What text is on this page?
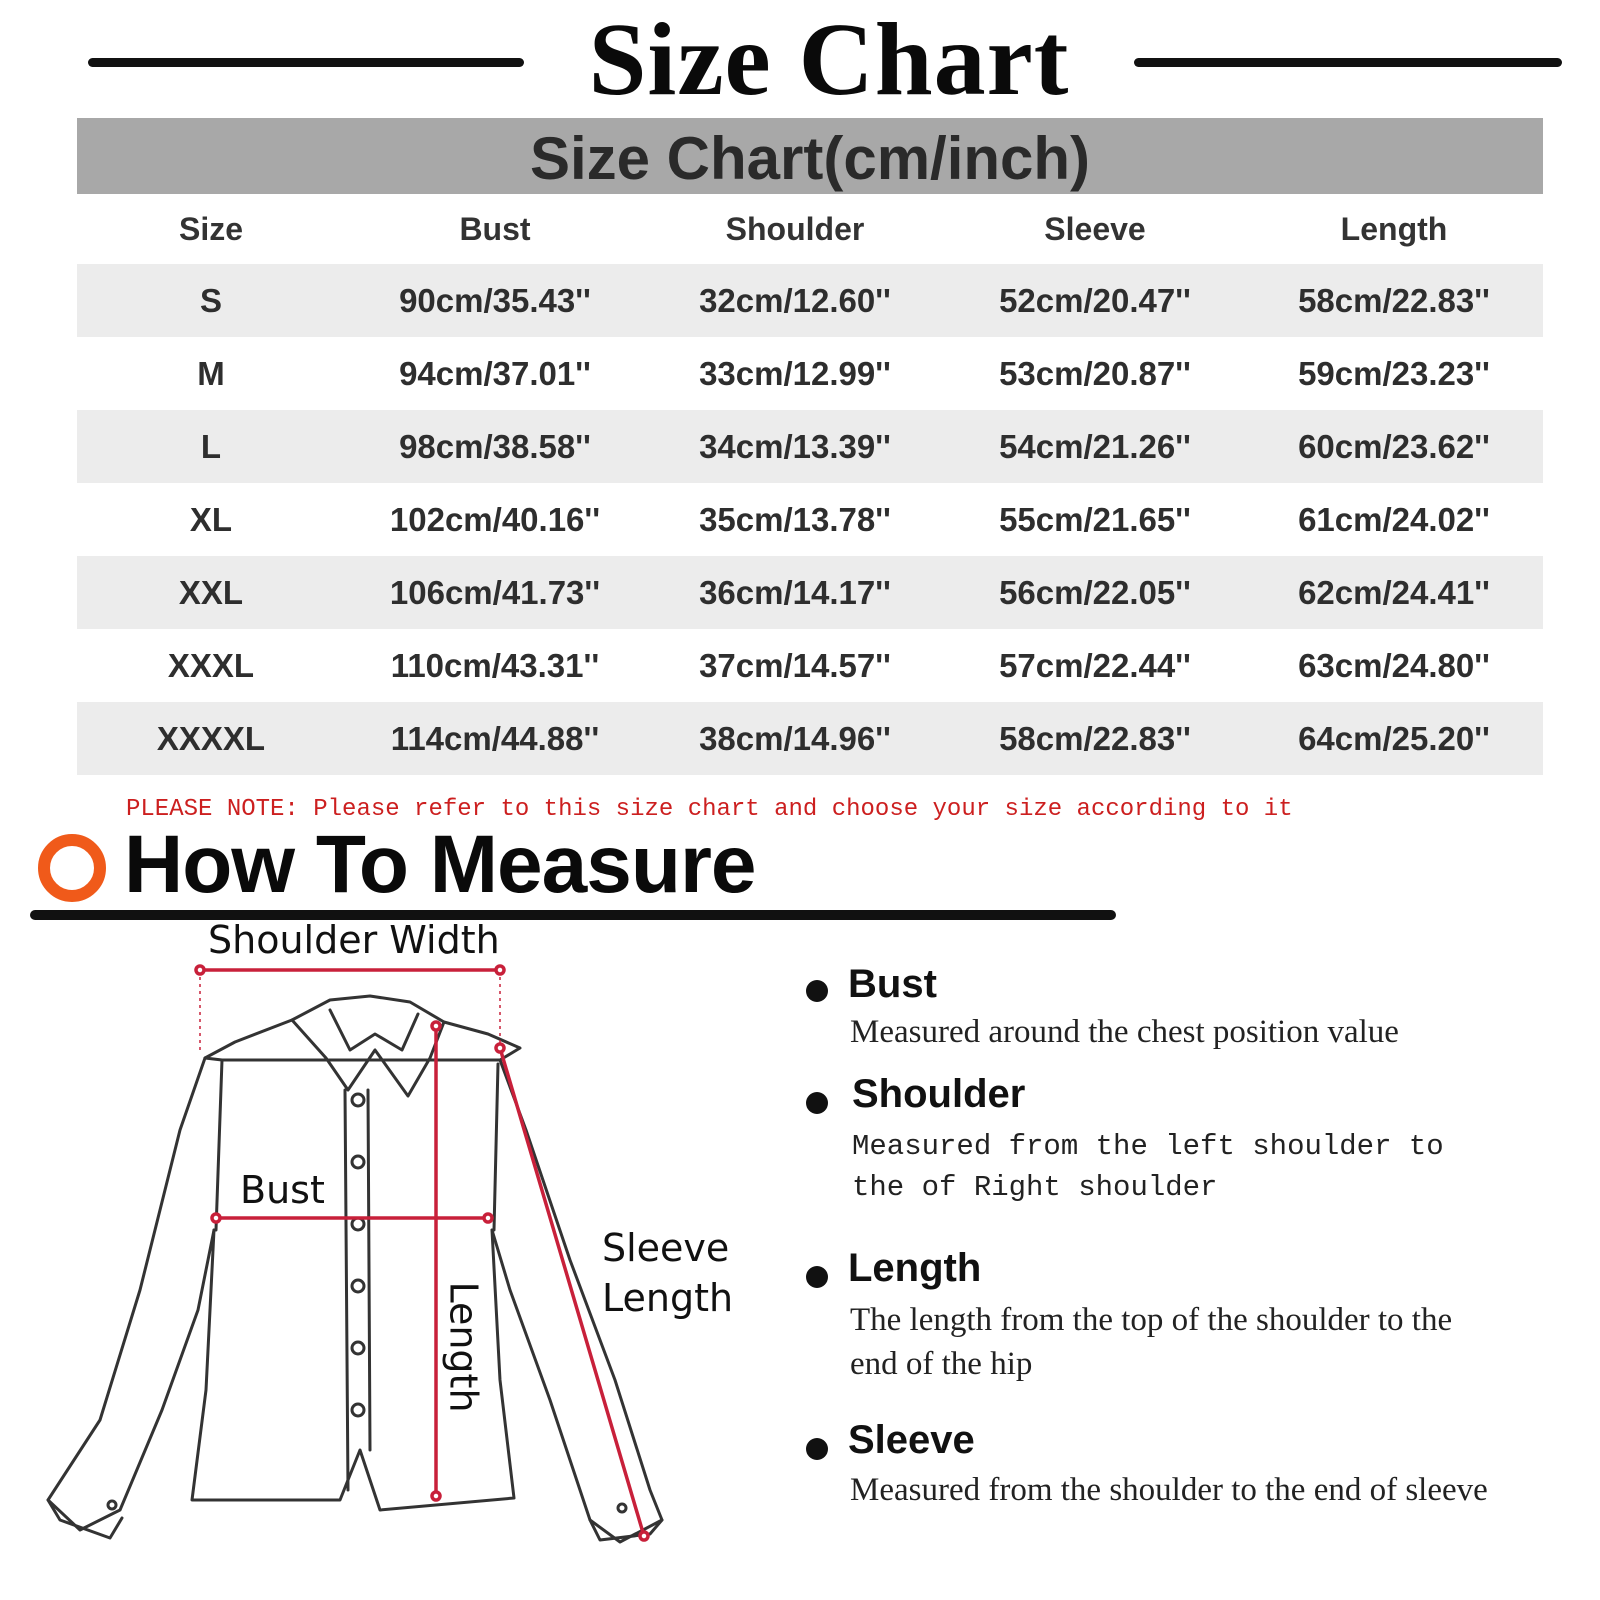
Size Chart
Size Chart(cm/inch)
Size	Bust	Shoulder	Sleeve	Length
S	90cm/35.43''	32cm/12.60''	52cm/20.47''	58cm/22.83''
M	94cm/37.01''	33cm/12.99''	53cm/20.87''	59cm/23.23''
L	98cm/38.58''	34cm/13.39''	54cm/21.26''	60cm/23.62''
XL	102cm/40.16''	35cm/13.78''	55cm/21.65''	61cm/24.02''
XXL	106cm/41.73''	36cm/14.17''	56cm/22.05''	62cm/24.41''
XXXL	110cm/43.31''	37cm/14.57''	57cm/22.44''	63cm/24.80''
XXXXL	114cm/44.88''	38cm/14.96''	58cm/22.83''	64cm/25.20''
PLEASE NOTE: Please refer to this size chart and choose your size according to it
How To Measure
Shoulder Width
Bust
Length
Sleeve
Length
Bust
Measured around the chest position value
Shoulder
Measured from the left shoulder to the of Right shoulder
Length
The length from the top of the shoulder to the end of the hip
Sleeve
Measured from the shoulder to the end of sleeve
